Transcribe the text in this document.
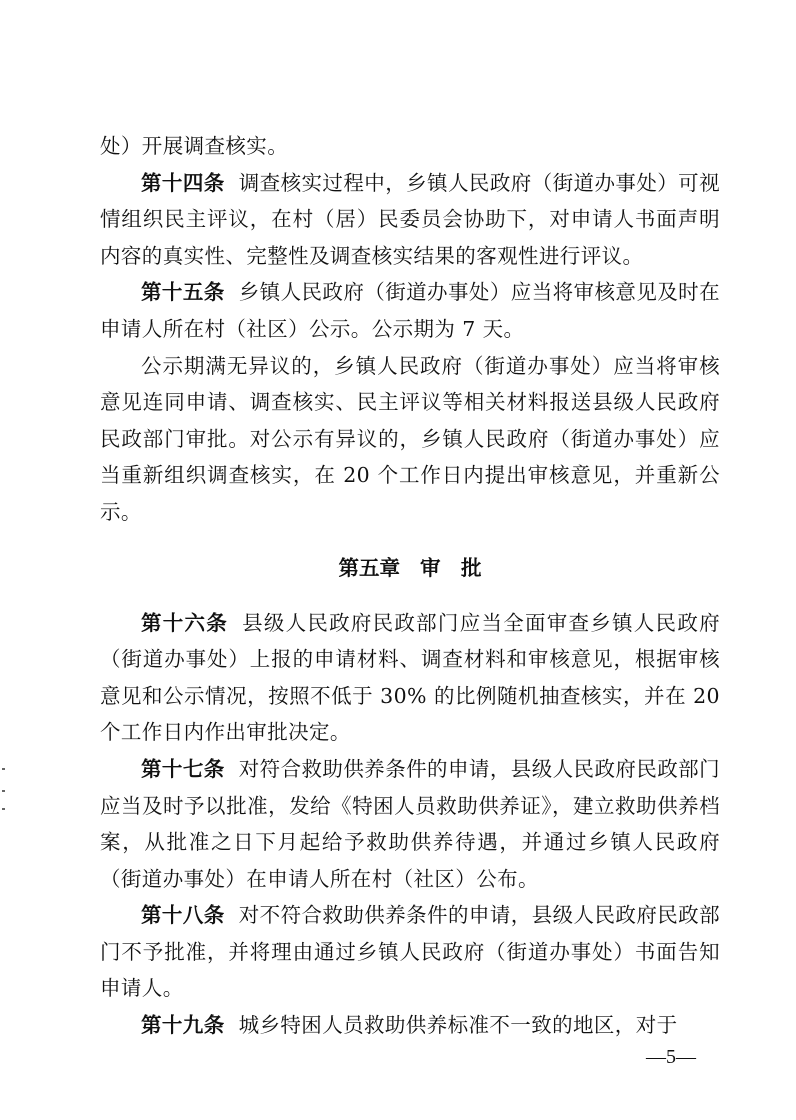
处）开展调查核实。

第十四条 调查核实过程中，乡镇人民政府（街道办事处）可视情组织民主评议，在村（居）民委员会协助下，对申请人书面声明内容的真实性、完整性及调查核实结果的客观性进行评议。

第十五条 乡镇人民政府（街道办事处）应当将审核意见及时在申请人所在村（社区）公示。公示期为 7 天。

公示期满无异议的，乡镇人民政府（街道办事处）应当将审核意见连同申请、调查核实、民主评议等相关材料报送县级人民政府民政部门审批。对公示有异议的，乡镇人民政府（街道办事处）应当重新组织调查核实，在 20 个工作日内提出审核意见，并重新公示。

第五章 审　批

第十六条 县级人民政府民政部门应当全面审查乡镇人民政府（街道办事处）上报的申请材料、调查材料和审核意见，根据审核意见和公示情况，按照不低于 30% 的比例随机抽查核实，并在 20 个工作日内作出审批决定。

第十七条 对符合救助供养条件的申请，县级人民政府民政部门应当及时予以批准，发给《特困人员救助供养证》，建立救助供养档案，从批准之日下月起给予救助供养待遇，并通过乡镇人民政府（街道办事处）在申请人所在村（社区）公布。

第十八条 对不符合救助供养条件的申请，县级人民政府民政部门不予批准，并将理由通过乡镇人民政府（街道办事处）书面告知申请人。

第十九条 城乡特困人员救助供养标准不一致的地区，对于

—5—
